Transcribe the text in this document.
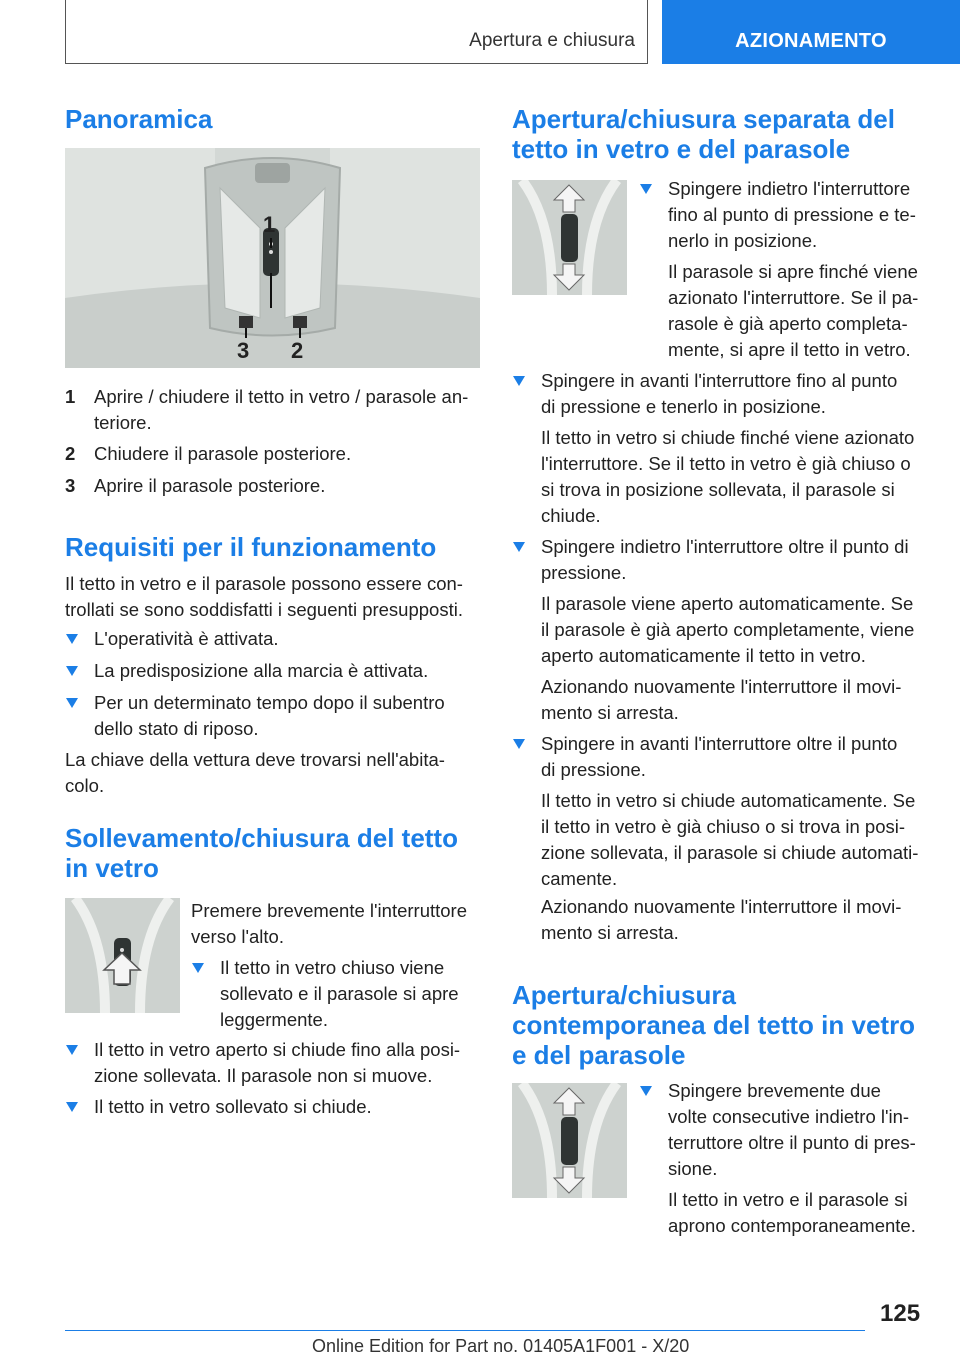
Apertura e chiusura	AZIONAMENTO
Panoramica
1
3 2
1 Aprire / chiudere il tetto in vetro / parasole an-
teriore.
2 Chiudere il parasole posteriore.
3 Aprire il parasole posteriore.
Requisiti per il funzionamento
Il tetto in vetro e il parasole possono essere con-
trollati se sono soddisfatti i seguenti presupposti.
L'operatività è attivata.
La predisposizione alla marcia è attivata.
Per un determinato tempo dopo il subentro
dello stato di riposo.
La chiave della vettura deve trovarsi nell'abita-
colo.
Sollevamento/chiusura del tetto
in vetro
Premere brevemente l'interruttore
verso l'alto.
Il tetto in vetro chiuso viene
sollevato e il parasole si apre
leggermente.
Il tetto in vetro aperto si chiude fino alla posi-
zione sollevata. Il parasole non si muove.
Il tetto in vetro sollevato si chiude.
Apertura/chiusura separata del
tetto in vetro e del parasole
Spingere indietro l'interruttore
fino al punto di pressione e te-
nerlo in posizione.
Il parasole si apre finché viene
azionato l'interruttore. Se il pa-
rasole è già aperto completa-
mente, si apre il tetto in vetro.
Spingere in avanti l'interruttore fino al punto
di pressione e tenerlo in posizione.
Il tetto in vetro si chiude finché viene azionato
l'interruttore. Se il tetto in vetro è già chiuso o
si trova in posizione sollevata, il parasole si
chiude.
Spingere indietro l'interruttore oltre il punto di
pressione.
Il parasole viene aperto automaticamente. Se
il parasole è già aperto completamente, viene
aperto automaticamente il tetto in vetro.
Azionando nuovamente l'interruttore il movi-
mento si arresta.
Spingere in avanti l'interruttore oltre il punto
di pressione.
Il tetto in vetro si chiude automaticamente. Se
il tetto in vetro è già chiuso o si trova in posi-
zione sollevata, il parasole si chiude automati-
camente.
Azionando nuovamente l'interruttore il movi-
mento si arresta.
Apertura/chiusura
contemporanea del tetto in vetro
e del parasole
Spingere brevemente due
volte consecutive indietro l'in-
terruttore oltre il punto di pres-
sione.
Il tetto in vetro e il parasole si
aprono contemporaneamente.
125
Online Edition for Part no. 01405A1F001 - X/20
